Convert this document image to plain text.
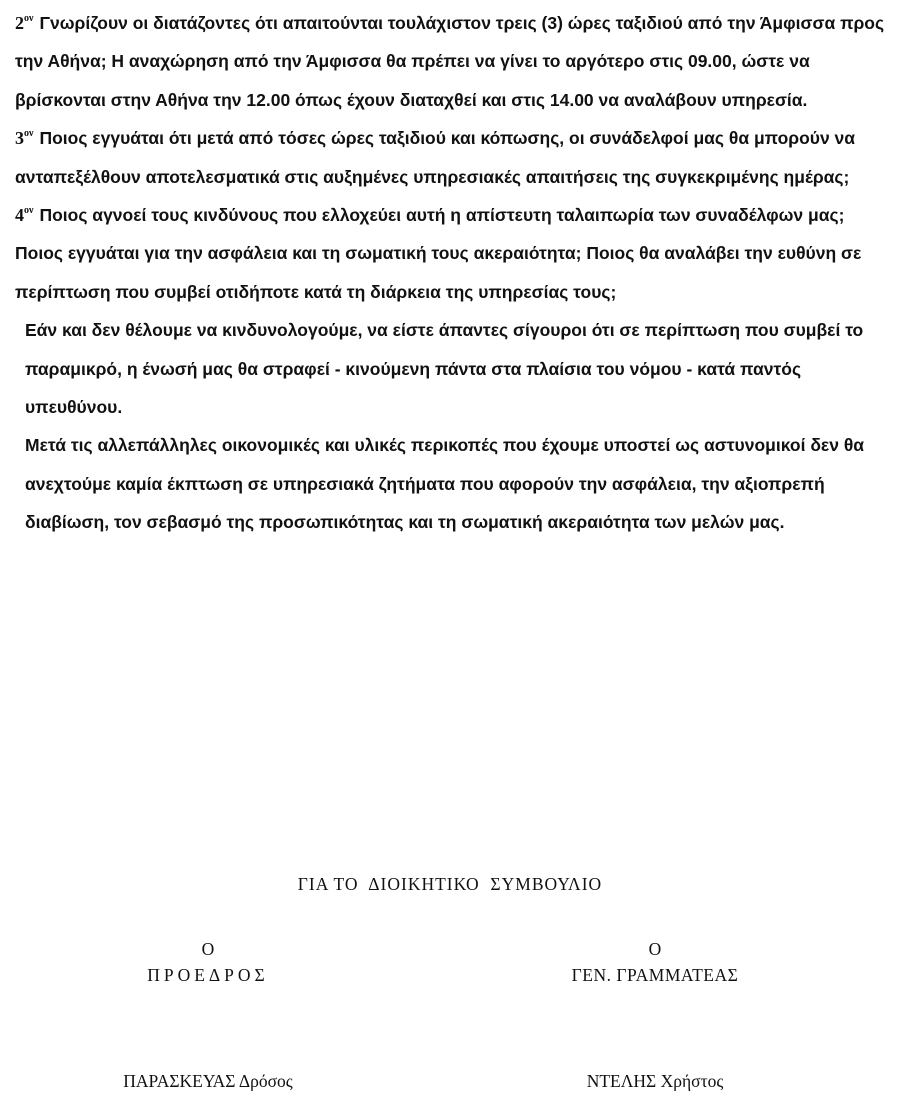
$2^{o\nu}$ Γνωρίζουν οι διατάζοντες ότι απαιτούνται τουλάχιστον τρεις (3) ώρες ταξιδιού από την Άμφισσα προς την Αθήνα; Η αναχώρηση από την Άμφισσα θα πρέπει να γίνει το αργότερο στις 09.00, ώστε να βρίσκονται στην Αθήνα την 12.00 όπως έχουν διαταχθεί και στις 14.00 να αναλάβουν υπηρεσία.

$3^{o\nu}$ Ποιος εγγυάται ότι μετά από τόσες ώρες ταξιδιού και κόπωσης, οι συνάδελφοί μας θα μπορούν να ανταπεξέλθουν αποτελεσματικά στις αυξημένες υπηρεσιακές απαιτήσεις της συγκεκριμένης ημέρας;

$4^{o\nu}$ Ποιος αγνοεί τους κινδύνους που ελλοχεύει αυτή η απίστευτη ταλαιπωρία των συναδέλφων μας; Ποιος εγγυάται για την ασφάλεια και τη σωματική τους ακεραιότητα; Ποιος θα αναλάβει την ευθύνη σε περίπτωση που συμβεί οτιδήποτε κατά τη διάρκεια της υπηρεσίας τους;

Εάν και δεν θέλουμε να κινδυνολογούμε, να είστε άπαντες σίγουροι ότι σε περίπτωση που συμβεί το παραμικρό, η ένωσή μας θα στραφεί - κινούμενη πάντα στα πλαίσια του νόμου - κατά παντός υπευθύνου.

Μετά τις αλλεπάλληλες οικονομικές και υλικές περικοπές που έχουμε υποστεί ως αστυνομικοί δεν θα ανεχτούμε καμία έκπτωση σε υπηρεσιακά ζητήματα που αφορούν την ασφάλεια, την αξιοπρεπή διαβίωση, τον σεβασμό της προσωπικότητας και τη σωματική ακεραιότητα των μελών μας.

ΓΙΑ ΤΟ  ΔΙΟΙΚΗΤΙΚΟ  ΣΥΜΒΟΥΛΙΟ
Ο
ΠΡΟΕΔΡΟΣ
ΠΑΡΑΣΚΕΥΑΣ Δρόσος
Ο
ΓΕΝ. ΓΡΑΜΜΑΤΕΑΣ
ΝΤΕΛΗΣ Χρήστος
